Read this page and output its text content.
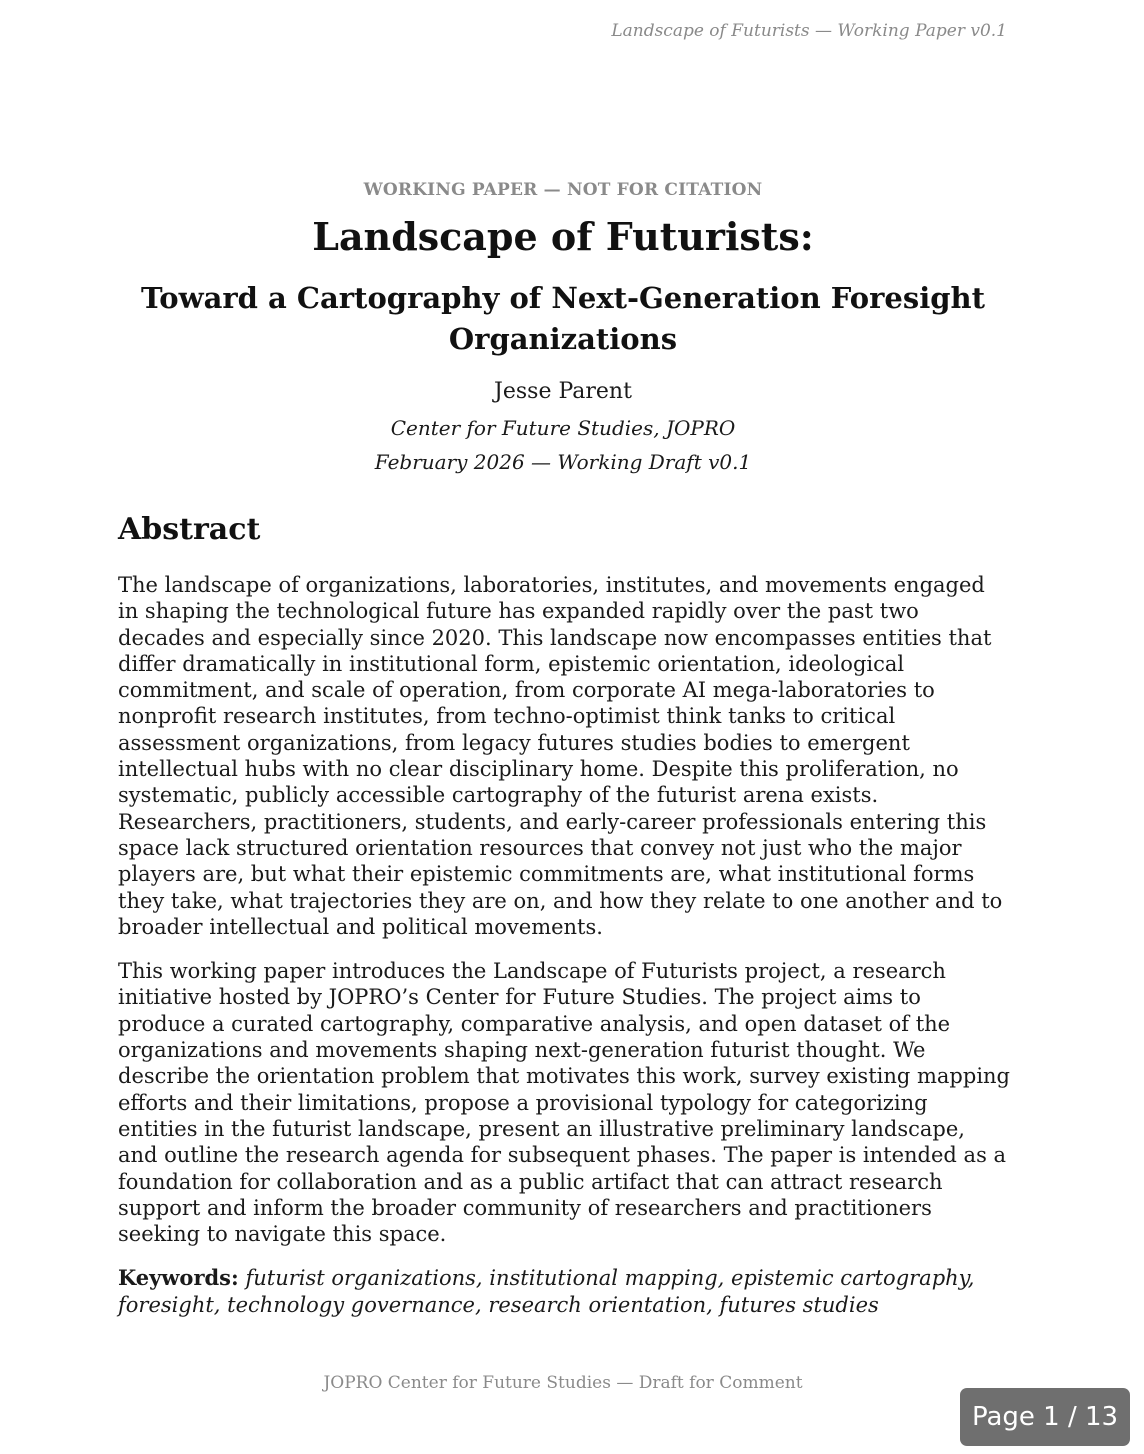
Landscape of Futurists — Working Paper v0.1
WORKING PAPER — NOT FOR CITATION
Landscape of Futurists:
Toward a Cartography of Next-Generation Foresight Organizations
Jesse Parent
Center for Future Studies, JOPRO
February 2026 — Working Draft v0.1
Abstract

The landscape of organizations, laboratories, institutes, and movements engaged in shaping the technological future has expanded rapidly over the past two decades and especially since 2020. This landscape now encompasses entities that differ dramatically in institutional form, epistemic orientation, ideological commitment, and scale of operation, from corporate AI mega-laboratories to nonprofit research institutes, from techno-optimist think tanks to critical assessment organizations, from legacy futures studies bodies to emergent intellectual hubs with no clear disciplinary home. Despite this proliferation, no systematic, publicly accessible cartography of the futurist arena exists. Researchers, practitioners, students, and early-career professionals entering this space lack structured orientation resources that convey not just who the major players are, but what their epistemic commitments are, what institutional forms they take, what trajectories they are on, and how they relate to one another and to broader intellectual and political movements.

This working paper introduces the Landscape of Futurists project, a research initiative hosted by JOPRO’s Center for Future Studies. The project aims to produce a curated cartography, comparative analysis, and open dataset of the organizations and movements shaping next-generation futurist thought. We describe the orientation problem that motivates this work, survey existing mapping efforts and their limitations, propose a provisional typology for categorizing entities in the futurist landscape, present an illustrative preliminary landscape, and outline the research agenda for subsequent phases. The paper is intended as a foundation for collaboration and as a public artifact that can attract research support and inform the broader community of researchers and practitioners seeking to navigate this space.

Keywords: futurist organizations, institutional mapping, epistemic cartography, foresight, technology governance, research orientation, futures studies

JOPRO Center for Future Studies — Draft for Comment
Page 1 / 13
